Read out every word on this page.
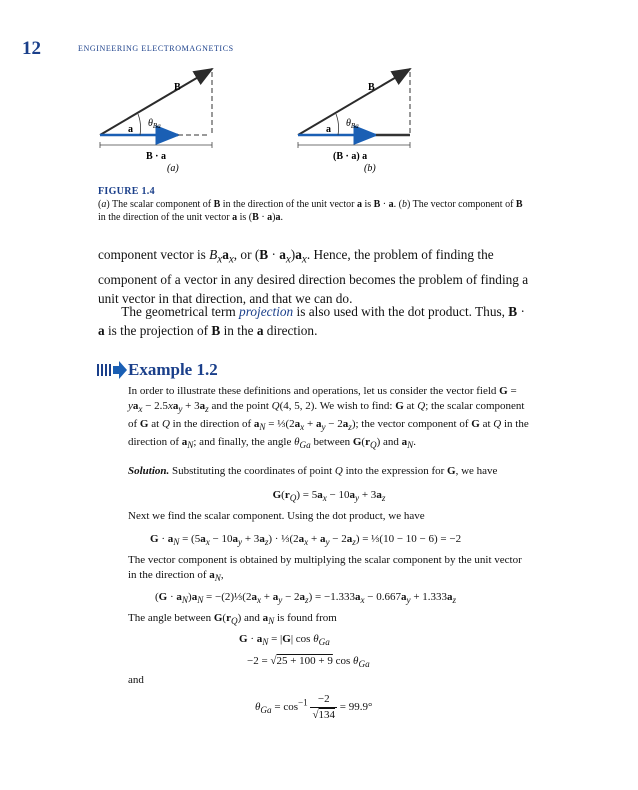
12	ENGINEERING ELECTROMAGNETICS
B
a
$\theta_{Ba}$
B · a
(a)
B
a
$\theta_{Ba}$
(B · a) a
(b)
FIGURE 1.4
(a) The scalar component of B in the direction of the unit vector a is B · a. (b) The vector component of B in the direction of the unit vector a is (B · a)a.
component vector is $B_xa_x$, or $(B \cdot a_x)a_x$. Hence, the problem of finding the component of a vector in any desired direction becomes the problem of finding a unit vector in that direction, and that we can do.
The geometrical term projection is also used with the dot product. Thus, B · a is the projection of B in the a direction.
Example 1.2
In order to illustrate these definitions and operations, let us consider the vector field $G = ya_x - 2.5xa_y + 3a_z$ and the point Q(4, 5, 2). We wish to find: G at Q; the scalar component of G at Q in the direction of $a_N$ = $\frac{1}{3}(2a_x + a_y - 2a_z)$; the vector component of G at Q in the direction of $a_N$; and finally, the angle $\theta_{Ga}$ between $G(r_Q)$ and $a_N$.
Solution. Substituting the coordinates of point Q into the expression for G, we have
$G(r_Q) = 5a_x - 10a_y + 3a_z$
Next we find the scalar component. Using the dot product, we have
$G \cdot a_N = (5a_x - 10a_y + 3a_z)$ · $\frac{1}{3}(2a_x + a_y - 2a_z)$ = ⅓(10 − 10 − 6) = −2
The vector component is obtained by multiplying the scalar component by the unit vector in the direction of $a_N$,
$(G \cdot a_N)a_N$ = $-(2)\frac{1}{3}(2a_x + a_y - 2a_z) = -1.333a_x - 0.667a_y + 1.333a_z$
The angle between $G(r_Q)$ and $a_N$ is found from
$G \cdot a_N = |G|$ $\cos \theta_{Ga}$
−2 = √25 + 100 + 9 $\cos \theta_{Ga}$
and
$\theta_{Ga} = \cos^{-1} \frac{-2}{√134} = 99.9^\circ$
